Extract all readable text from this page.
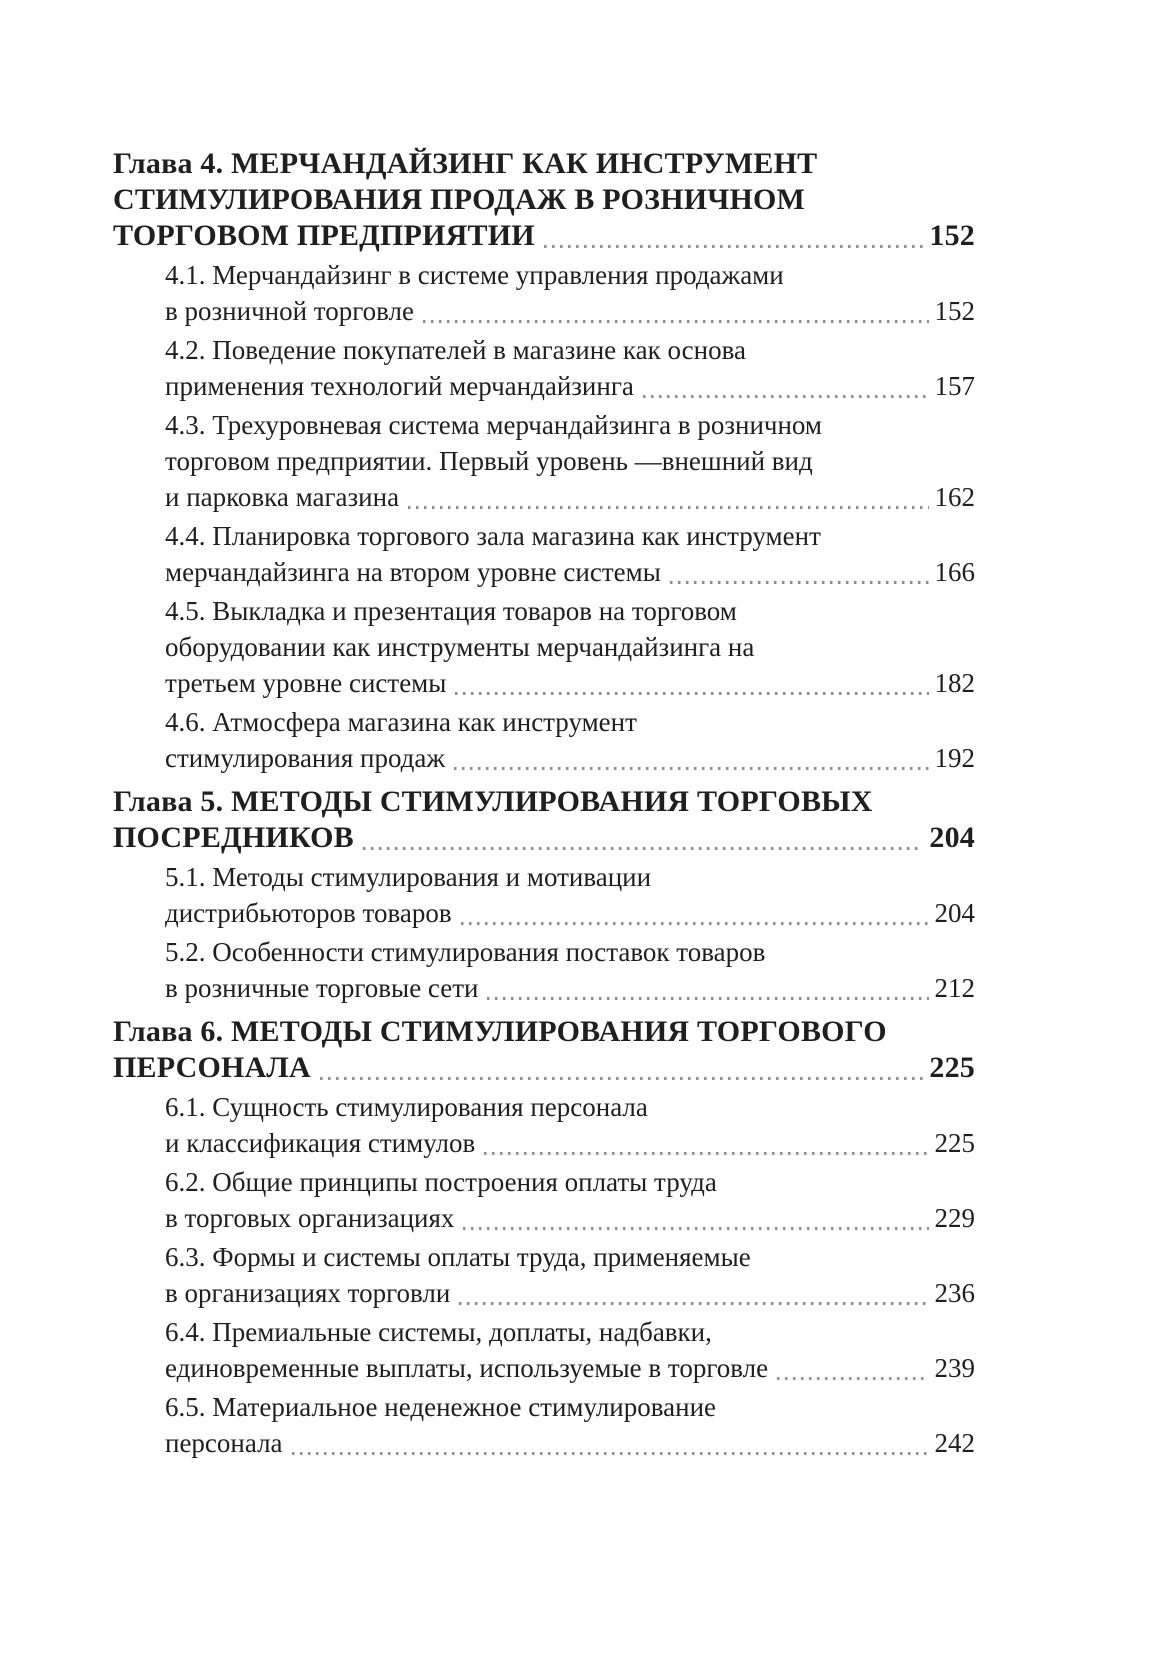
Глава 4. МЕРЧАНДАЙЗИНГ КАК ИНСТРУМЕНТ
СТИМУЛИРОВАНИЯ ПРОДАЖ В РОЗНИЧНОМ
ТОРГОВОМ ПРЕДПРИЯТИИ	152
4.1. Мерчандайзинг в системе управления продажами
в розничной торговле	152
4.2. Поведение покупателей в магазине как основа
применения технологий мерчандайзинга	157
4.3. Трехуровневая система мерчандайзинга в розничном
торговом предприятии. Первый уровень —внешний вид
и парковка магазина	162
4.4. Планировка торгового зала магазина как инструмент
мерчандайзинга на втором уровне системы	166
4.5. Выкладка и презентация товаров на торговом
оборудовании как инструменты мерчандайзинга на
третьем уровне системы	182
4.6. Атмосфера магазина как инструмент
стимулирования продаж	192
Глава 5. МЕТОДЫ СТИМУЛИРОВАНИЯ ТОРГОВЫХ
ПОСРЕДНИКОВ	204
5.1. Методы стимулирования и мотивации
дистрибьюторов товаров	204
5.2. Особенности стимулирования поставок товаров
в розничные торговые сети	212
Глава 6. МЕТОДЫ СТИМУЛИРОВАНИЯ ТОРГОВОГО
ПЕРСОНАЛА	225
6.1. Сущность стимулирования персонала
и классификация стимулов	225
6.2. Общие принципы построения оплаты труда
в торговых организациях	229
6.3. Формы и системы оплаты труда, применяемые
в организациях торговли	236
6.4. Премиальные системы, доплаты, надбавки,
единовременные выплаты, используемые в торговле	239
6.5. Материальное неденежное стимулирование
персонала	242
